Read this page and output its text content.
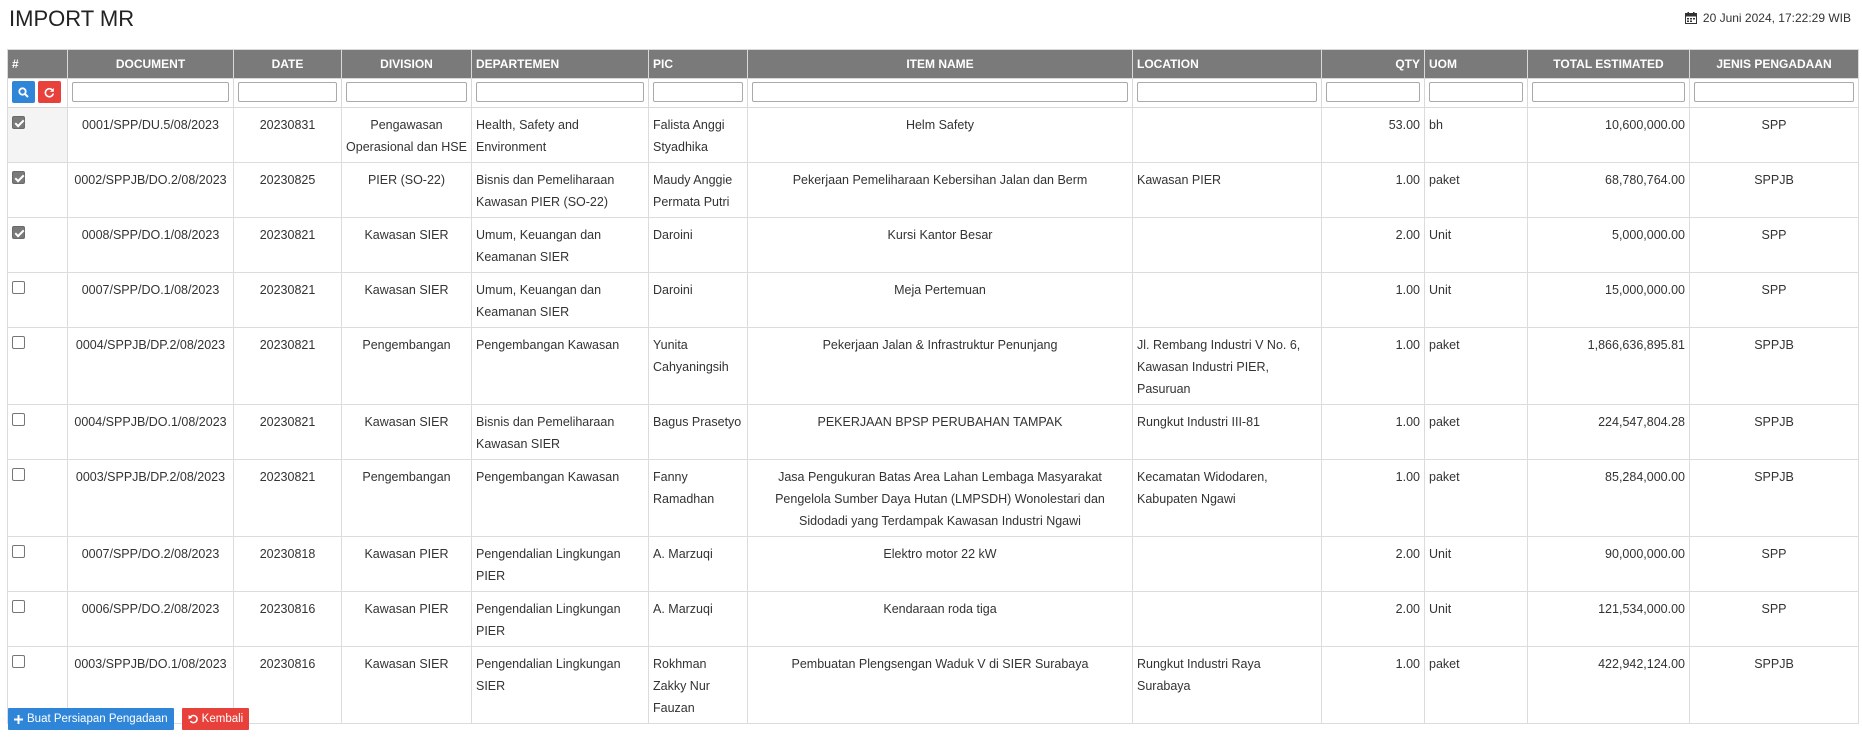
IMPORT MR	20 Juni 2024, 17:22:29 WIB
#	DOCUMENT	DATE	DIVISION	DEPARTEMEN	PIC	ITEM NAME	LOCATION	QTY	UOM	TOTAL ESTIMATED	JENIS PENGADAAN

	0001/SPP/DU.5/08/2023	20230831	Pengawasan Operasional dan HSE	Health, Safety and Environment	Falista Anggi Styadhika	Helm Safety		53.00	bh	10,600,000.00	SPP
	0002/SPPJB/DO.2/08/2023	20230825	PIER (SO-22)	Bisnis dan Pemeliharaan Kawasan PIER (SO-22)	Maudy Anggie Permata Putri	Pekerjaan Pemeliharaan Kebersihan Jalan dan Berm	Kawasan PIER	1.00	paket	68,780,764.00	SPPJB
	0008/SPP/DO.1/08/2023	20230821	Kawasan SIER	Umum, Keuangan dan Keamanan SIER	Daroini	Kursi Kantor Besar		2.00	Unit	5,000,000.00	SPP
	0007/SPP/DO.1/08/2023	20230821	Kawasan SIER	Umum, Keuangan dan Keamanan SIER	Daroini	Meja Pertemuan		1.00	Unit	15,000,000.00	SPP
	0004/SPPJB/DP.2/08/2023	20230821	Pengembangan	Pengembangan Kawasan	Yunita Cahyaningsih	Pekerjaan Jalan & Infrastruktur Penunjang	Jl. Rembang Industri V No. 6, Kawasan Industri PIER, Pasuruan	1.00	paket	1,866,636,895.81	SPPJB
	0004/SPPJB/DO.1/08/2023	20230821	Kawasan SIER	Bisnis dan Pemeliharaan Kawasan SIER	Bagus Prasetyo	PEKERJAAN BPSP PERUBAHAN TAMPAK	Rungkut Industri III-81	1.00	paket	224,547,804.28	SPPJB
	0003/SPPJB/DP.2/08/2023	20230821	Pengembangan	Pengembangan Kawasan	Fanny Ramadhan	Jasa Pengukuran Batas Area Lahan Lembaga Masyarakat Pengelola Sumber Daya Hutan (LMPSDH) Wonolestari dan Sidodadi yang Terdampak Kawasan Industri Ngawi	Kecamatan Widodaren, Kabupaten Ngawi	1.00	paket	85,284,000.00	SPPJB
	0007/SPP/DO.2/08/2023	20230818	Kawasan PIER	Pengendalian Lingkungan PIER	A. Marzuqi	Elektro motor 22 kW		2.00	Unit	90,000,000.00	SPP
	0006/SPP/DO.2/08/2023	20230816	Kawasan PIER	Pengendalian Lingkungan PIER	A. Marzuqi	Kendaraan roda tiga		2.00	Unit	121,534,000.00	SPP
	0003/SPPJB/DO.1/08/2023	20230816	Kawasan SIER	Pengendalian Lingkungan SIER	Rokhman Zakky Nur Fauzan	Pembuatan Plengsengan Waduk V di SIER Surabaya	Rungkut Industri Raya Surabaya	1.00	paket	422,942,124.00	SPPJB
Buat Persiapan Pengadaan	Kembali
